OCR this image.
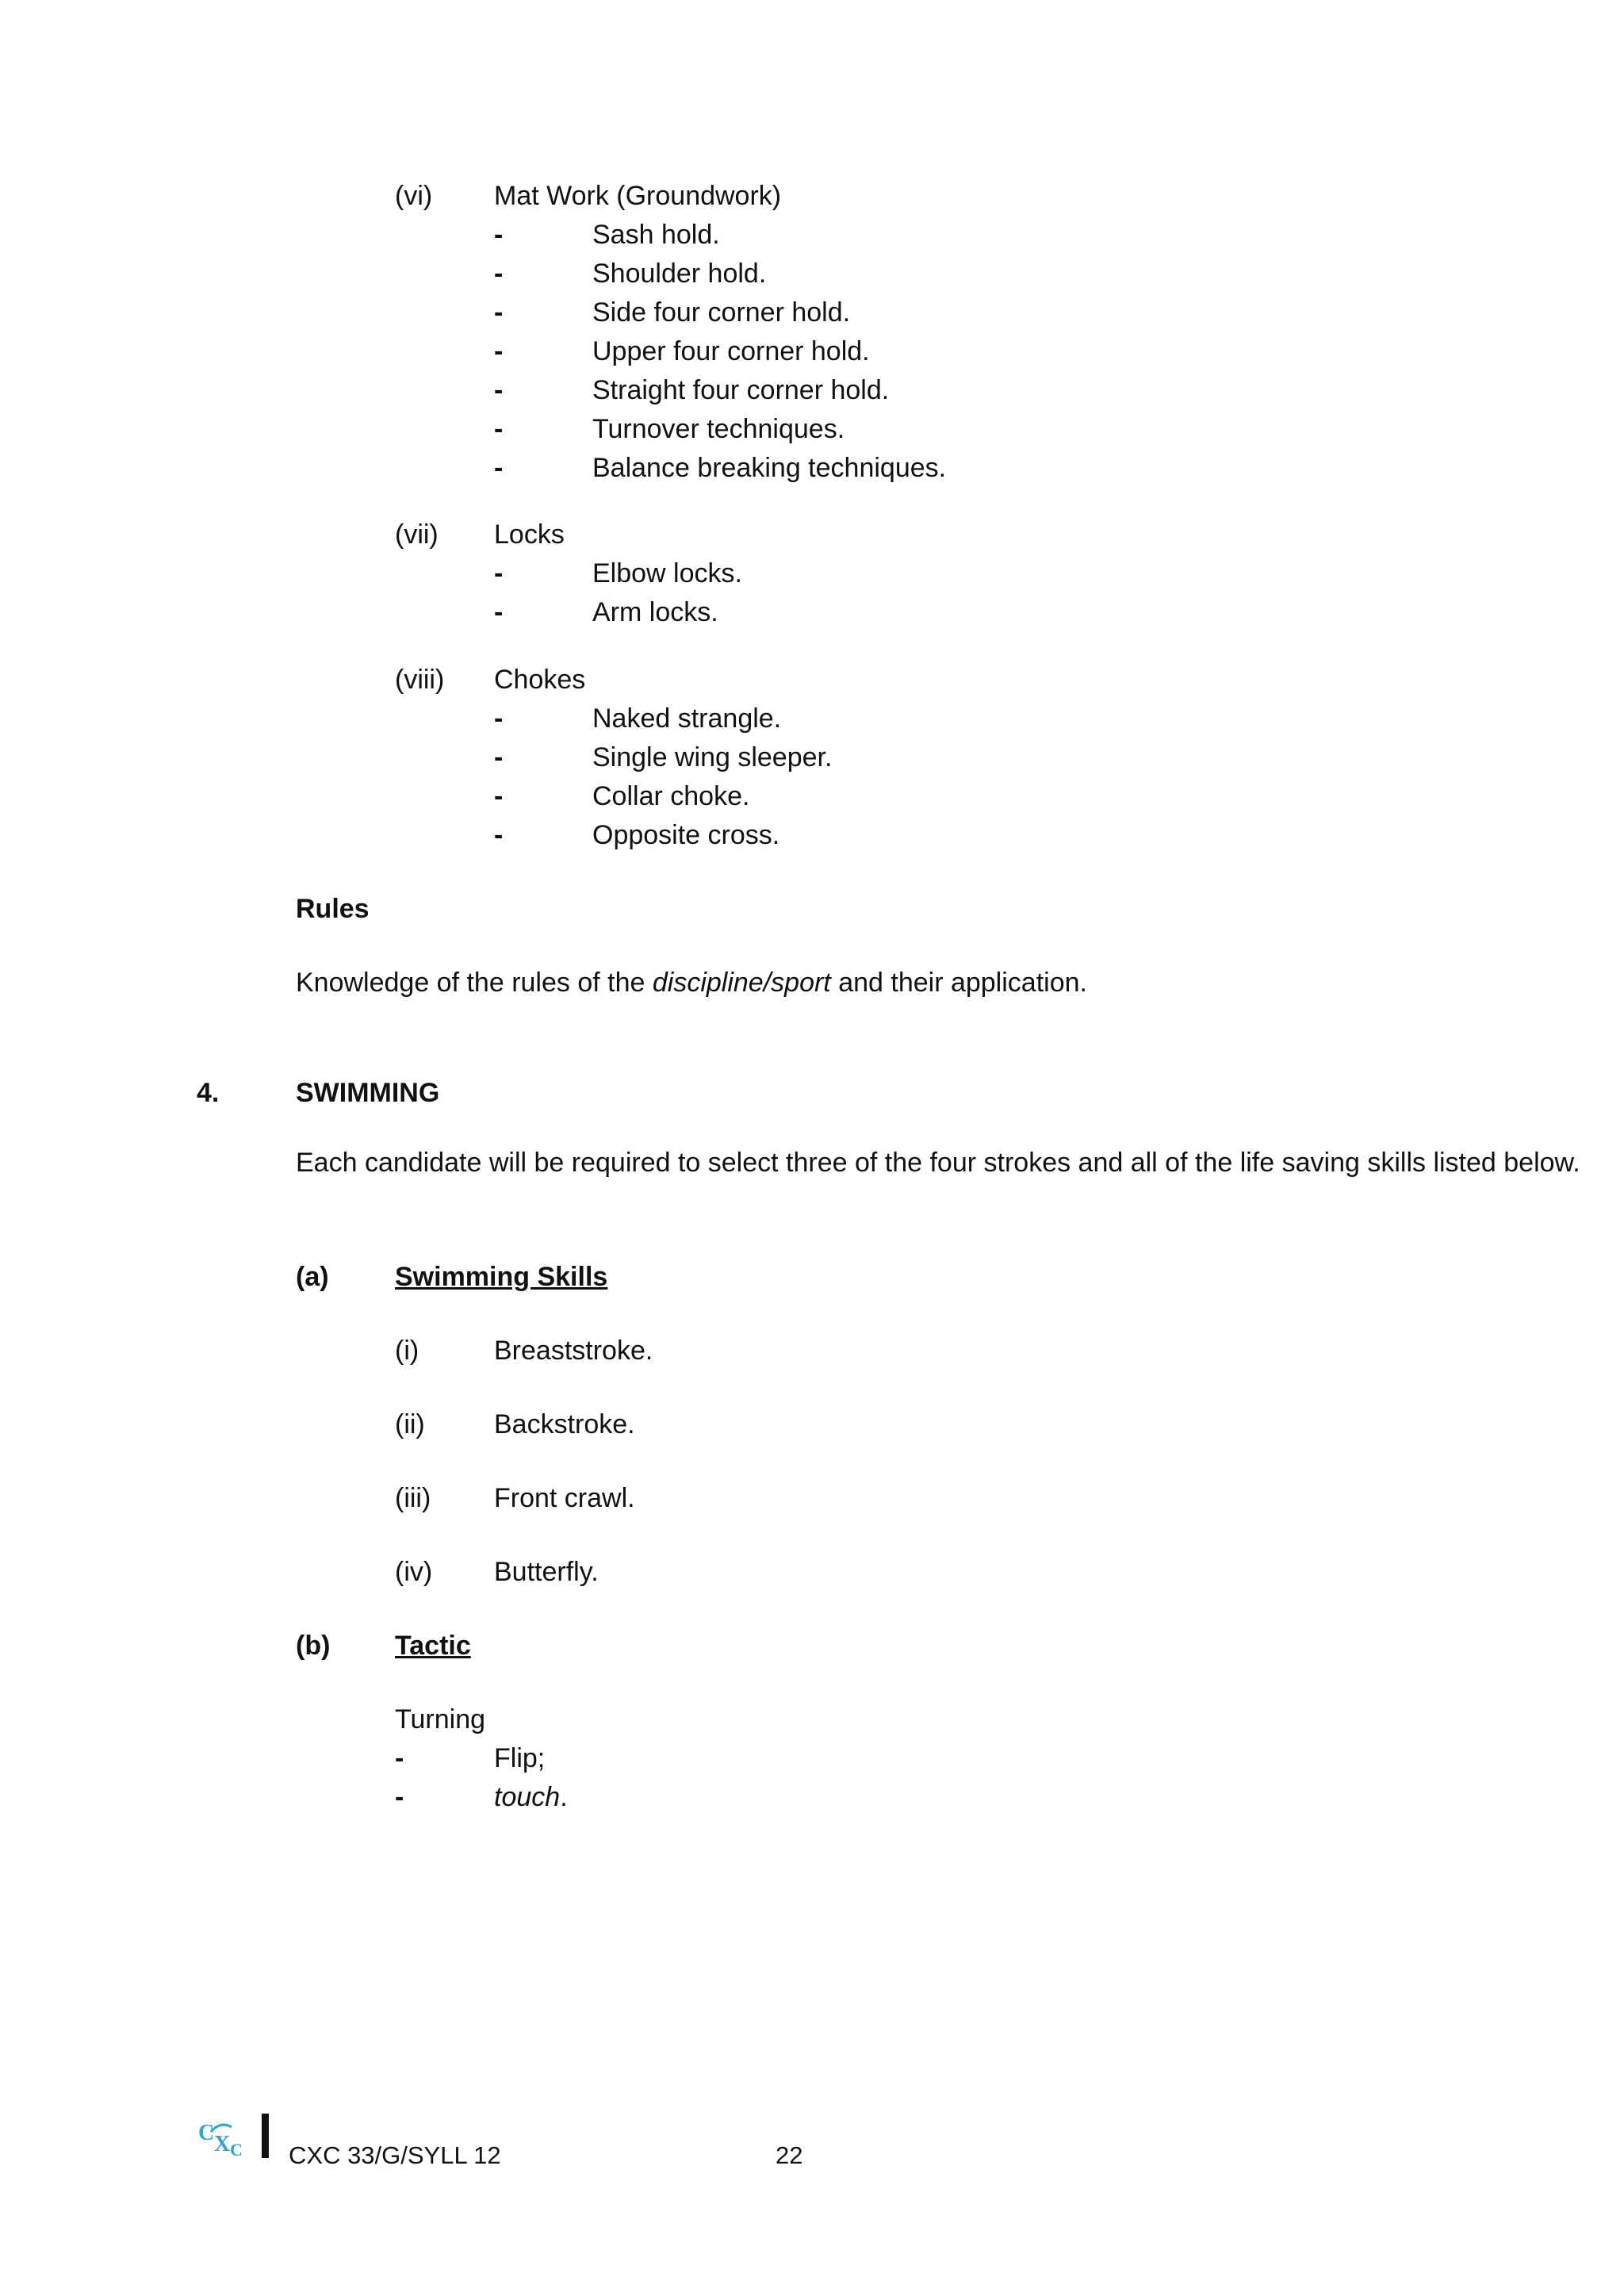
(vi) Mat Work (Groundwork)
-	Sash hold.
-	Shoulder hold.
-	Side four corner hold.
-	Upper four corner hold.
-	Straight four corner hold.
-	Turnover techniques.
-	Balance breaking techniques.
(vii) Locks
-	Elbow locks.
-	Arm locks.
(viii) Chokes
-	Naked strangle.
-	Single wing sleeper.
-	Collar choke.
-	Opposite cross.
Rules
Knowledge of the rules of the discipline/sport and their application.
4.	SWIMMING
Each candidate will be required to select three of the four strokes and all of the life saving skills listed below.
(a) Swimming Skills
(i)	Breaststroke.
(ii)	Backstroke.
(iii) Front crawl.
(iv) Butterfly.
(b) Tactic
Turning
-	Flip;
-	touch.
C X C CXC 33/G/SYLL 12	22
